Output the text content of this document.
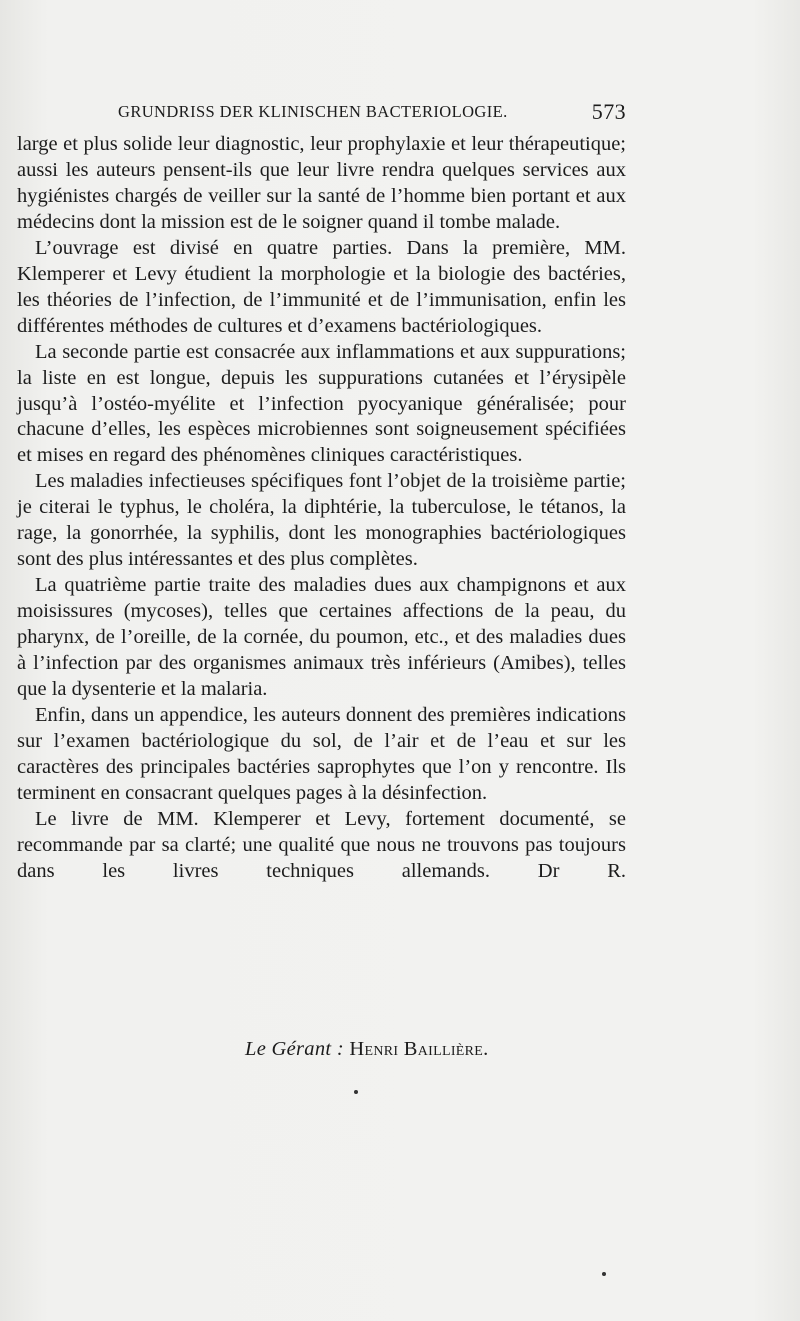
GRUNDRISS DER KLINISCHEN BACTERIOLOGIE.	573

large et plus solide leur diagnostic, leur prophylaxie et leur thérapeutique; aussi les auteurs pensent-ils que leur livre rendra quelques services aux hygiénistes chargés de veiller sur la santé de l’homme bien portant et aux médecins dont la mission est de le soigner quand il tombe malade.

L’ouvrage est divisé en quatre parties. Dans la première, MM. Klemperer et Levy étudient la morphologie et la biologie des bactéries, les théories de l’infection, de l’immunité et de l’immunisation, enfin les différentes méthodes de cultures et d’examens bactériologiques.

La seconde partie est consacrée aux inflammations et aux suppurations; la liste en est longue, depuis les suppurations cutanées et l’érysipèle jusqu’à l’ostéo-myélite et l’infection pyocyanique généralisée; pour chacune d’elles, les espèces microbiennes sont soigneusement spécifiées et mises en regard des phénomènes cliniques caractéristiques.

Les maladies infectieuses spécifiques font l’objet de la troisième partie; je citerai le typhus, le choléra, la diphtérie, la tuberculose, le tétanos, la rage, la gonorrhée, la syphilis, dont les monographies bactériologiques sont des plus intéressantes et des plus complètes.

La quatrième partie traite des maladies dues aux champignons et aux moisissures (mycoses), telles que certaines affections de la peau, du pharynx, de l’oreille, de la cornée, du poumon, etc., et des maladies dues à l’infection par des organismes animaux très inférieurs (Amibes), telles que la dysenterie et la malaria.

Enfin, dans un appendice, les auteurs donnent des premières indications sur l’examen bactériologique du sol, de l’air et de l’eau et sur les caractères des principales bactéries saprophytes que l’on y rencontre. Ils terminent en consacrant quelques pages à la désinfection.

Le livre de MM. Klemperer et Levy, fortement documenté, se recommande par sa clarté; une qualité que nous ne trouvons pas toujours dans les livres techniques allemands. Dr R.

Le Gérant : Henri Baillière.
